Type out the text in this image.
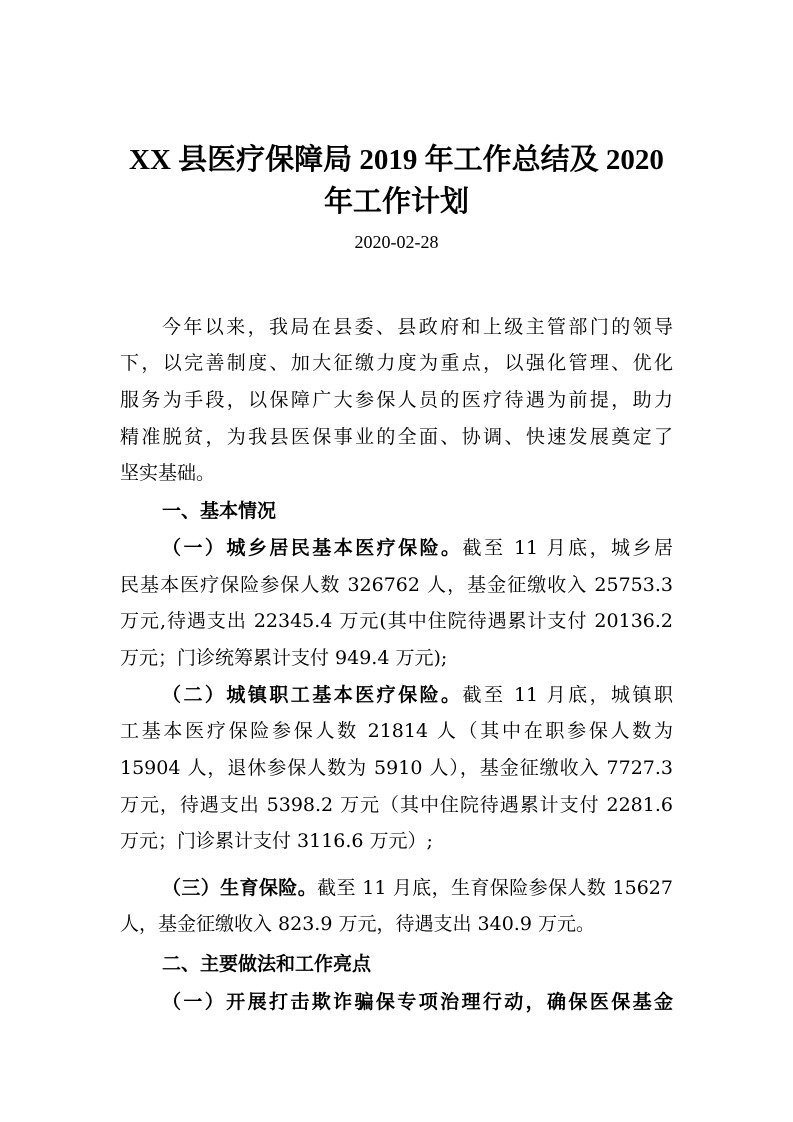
XX 县医疗保障局 2019 年工作总结及 2020
年工作计划
2020-02-28
今年以来，我局在县委、县政府和上级主管部门的领导
下，以完善制度、加大征缴力度为重点，以强化管理、优化
服务为手段，以保障广大参保人员的医疗待遇为前提，助力
精准脱贫，为我县医保事业的全面、协调、快速发展奠定了
坚实基础。
一、基本情况
（一）城乡居民基本医疗保险。截至 11 月底，城乡居
民基本医疗保险参保人数 326762 人，基金征缴收入 25753.3
万元,待遇支出 22345.4 万元(其中住院待遇累计支付 20136.2
万元；门诊统筹累计支付 949.4 万元);
（二）城镇职工基本医疗保险。截至 11 月底，城镇职
工基本医疗保险参保人数 21814 人（其中在职参保人数为
15904 人，退休参保人数为 5910 人），基金征缴收入 7727.3
万元，待遇支出 5398.2 万元（其中住院待遇累计支付 2281.6
万元；门诊累计支付 3116.6 万元）;
（三）生育保险。截至 11 月底，生育保险参保人数 15627
人，基金征缴收入 823.9 万元，待遇支出 340.9 万元。
二、主要做法和工作亮点
（一）开展打击欺诈骗保专项治理行动，确保医保基金
